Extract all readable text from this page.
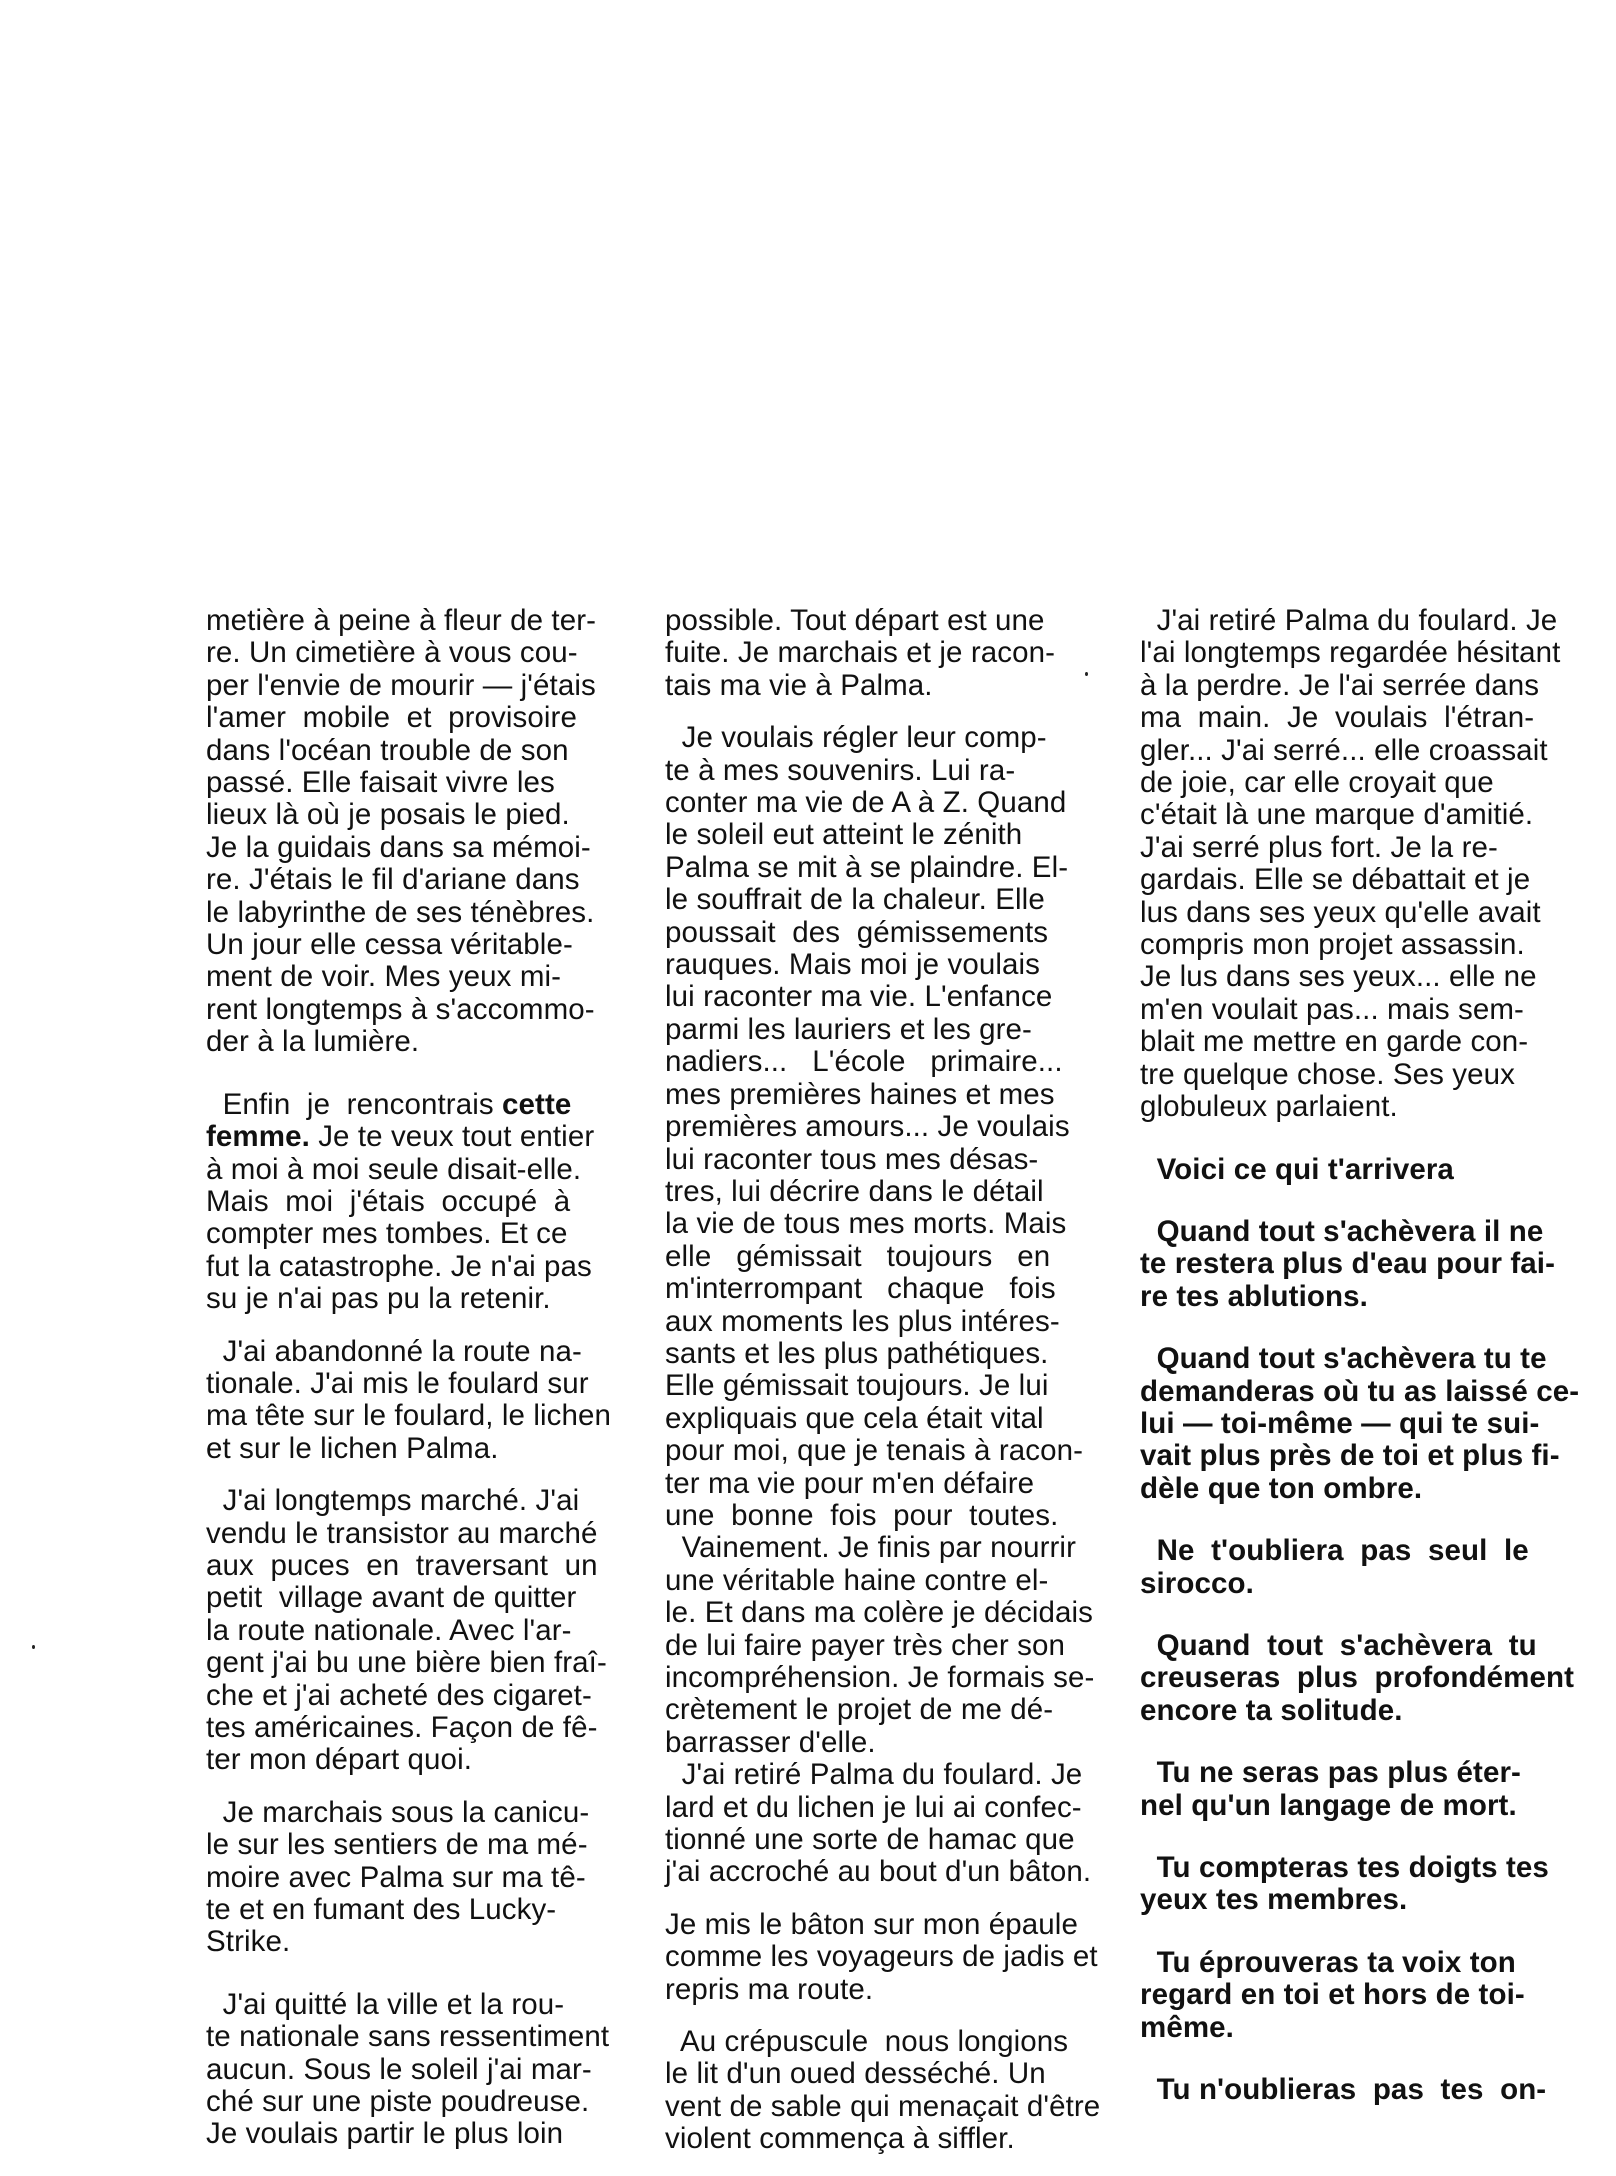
metière à peine à fleur de ter-
re. Un cimetière à vous cou-
per l'envie de mourir — j'étais
l'amer  mobile  et  provisoire
dans l'océan trouble de son
passé. Elle faisait vivre les
lieux là où je posais le pied.
Je la guidais dans sa mémoi-
re. J'étais le fil d'ariane dans
le labyrinthe de ses ténèbres.
Un jour elle cessa véritable-
ment de voir. Mes yeux mi-
rent longtemps à s'accommo-
der à la lumière.

Enfin  je  rencontrais cette
femme. Je te veux tout entier
à moi à moi seule disait-elle.
Mais  moi  j'étais  occupé  à
compter mes tombes. Et ce
fut la catastrophe. Je n'ai pas
su je n'ai pas pu la retenir.

J'ai abandonné la route na-
tionale. J'ai mis le foulard sur
ma tête sur le foulard, le lichen
et sur le lichen Palma.

J'ai longtemps marché. J'ai
vendu le transistor au marché
aux  puces  en  traversant  un
petit  village avant de quitter
la route nationale. Avec l'ar-
gent j'ai bu une bière bien fraî-
che et j'ai acheté des cigaret-
tes américaines. Façon de fê-
ter mon départ quoi.

Je marchais sous la canicu-
le sur les sentiers de ma mé-
moire avec Palma sur ma tê-
te et en fumant des Lucky-
Strike.

J'ai quitté la ville et la rou-
te nationale sans ressentiment
aucun. Sous le soleil j'ai mar-
ché sur une piste poudreuse.
Je voulais partir le plus loin

possible. Tout départ est une
fuite. Je marchais et je racon-
tais ma vie à Palma.

Je voulais régler leur comp-
te à mes souvenirs. Lui ra-
conter ma vie de A à Z. Quand
le soleil eut atteint le zénith
Palma se mit à se plaindre. El-
le souffrait de la chaleur. Elle
poussait  des  gémissements
rauques. Mais moi je voulais
lui raconter ma vie. L'enfance
parmi les lauriers et les gre-
nadiers...   L'école   primaire...
mes premières haines et mes
premières amours... Je voulais
lui raconter tous mes désas-
tres, lui décrire dans le détail
la vie de tous mes morts. Mais
elle   gémissait   toujours   en
m'interrompant   chaque   fois
aux moments les plus intéres-
sants et les plus pathétiques.
Elle gémissait toujours. Je lui
expliquais que cela était vital
pour moi, que je tenais à racon-
ter ma vie pour m'en défaire
une  bonne  fois  pour  toutes.
Vainement. Je finis par nourrir
une véritable haine contre el-
le. Et dans ma colère je décidais
de lui faire payer très cher son
incompréhension. Je formais se-
crètement le projet de me dé-
barrasser d'elle.
J'ai retiré Palma du foulard. Je
lard et du lichen je lui ai confec-
tionné une sorte de hamac que
j'ai accroché au bout d'un bâton.

Je mis le bâton sur mon épaule
comme les voyageurs de jadis et
repris ma route.

Au crépuscule  nous longions
le lit d'un oued desséché. Un
vent de sable qui menaçait d'être
violent commença à siffler.

J'ai retiré Palma du foulard. Je
l'ai longtemps regardée hésitant
à la perdre. Je l'ai serrée dans
ma  main.  Je  voulais  l'étran-
gler... J'ai serré... elle croassait
de joie, car elle croyait que
c'était là une marque d'amitié.
J'ai serré plus fort. Je la re-
gardais. Elle se débattait et je
lus dans ses yeux qu'elle avait
compris mon projet assassin.
Je lus dans ses yeux... elle ne
m'en voulait pas... mais sem-
blait me mettre en garde con-
tre quelque chose. Ses yeux
globuleux parlaient.

Voici ce qui t'arrivera

Quand tout s'achèvera il ne
te restera plus d'eau pour fai-
re tes ablutions.

Quand tout s'achèvera tu te
demanderas où tu as laissé ce-
lui — toi-même — qui te sui-
vait plus près de toi et plus fi-
dèle que ton ombre.

Ne  t'oubliera  pas  seul  le
sirocco.

Quand  tout  s'achèvera  tu
creuseras  plus  profondément
encore ta solitude.

Tu ne seras pas plus éter-
nel qu'un langage de mort.

Tu compteras tes doigts tes
yeux tes membres.

Tu éprouveras ta voix ton
regard en toi et hors de toi-
même.

Tu n'oublieras  pas  tes  on-
